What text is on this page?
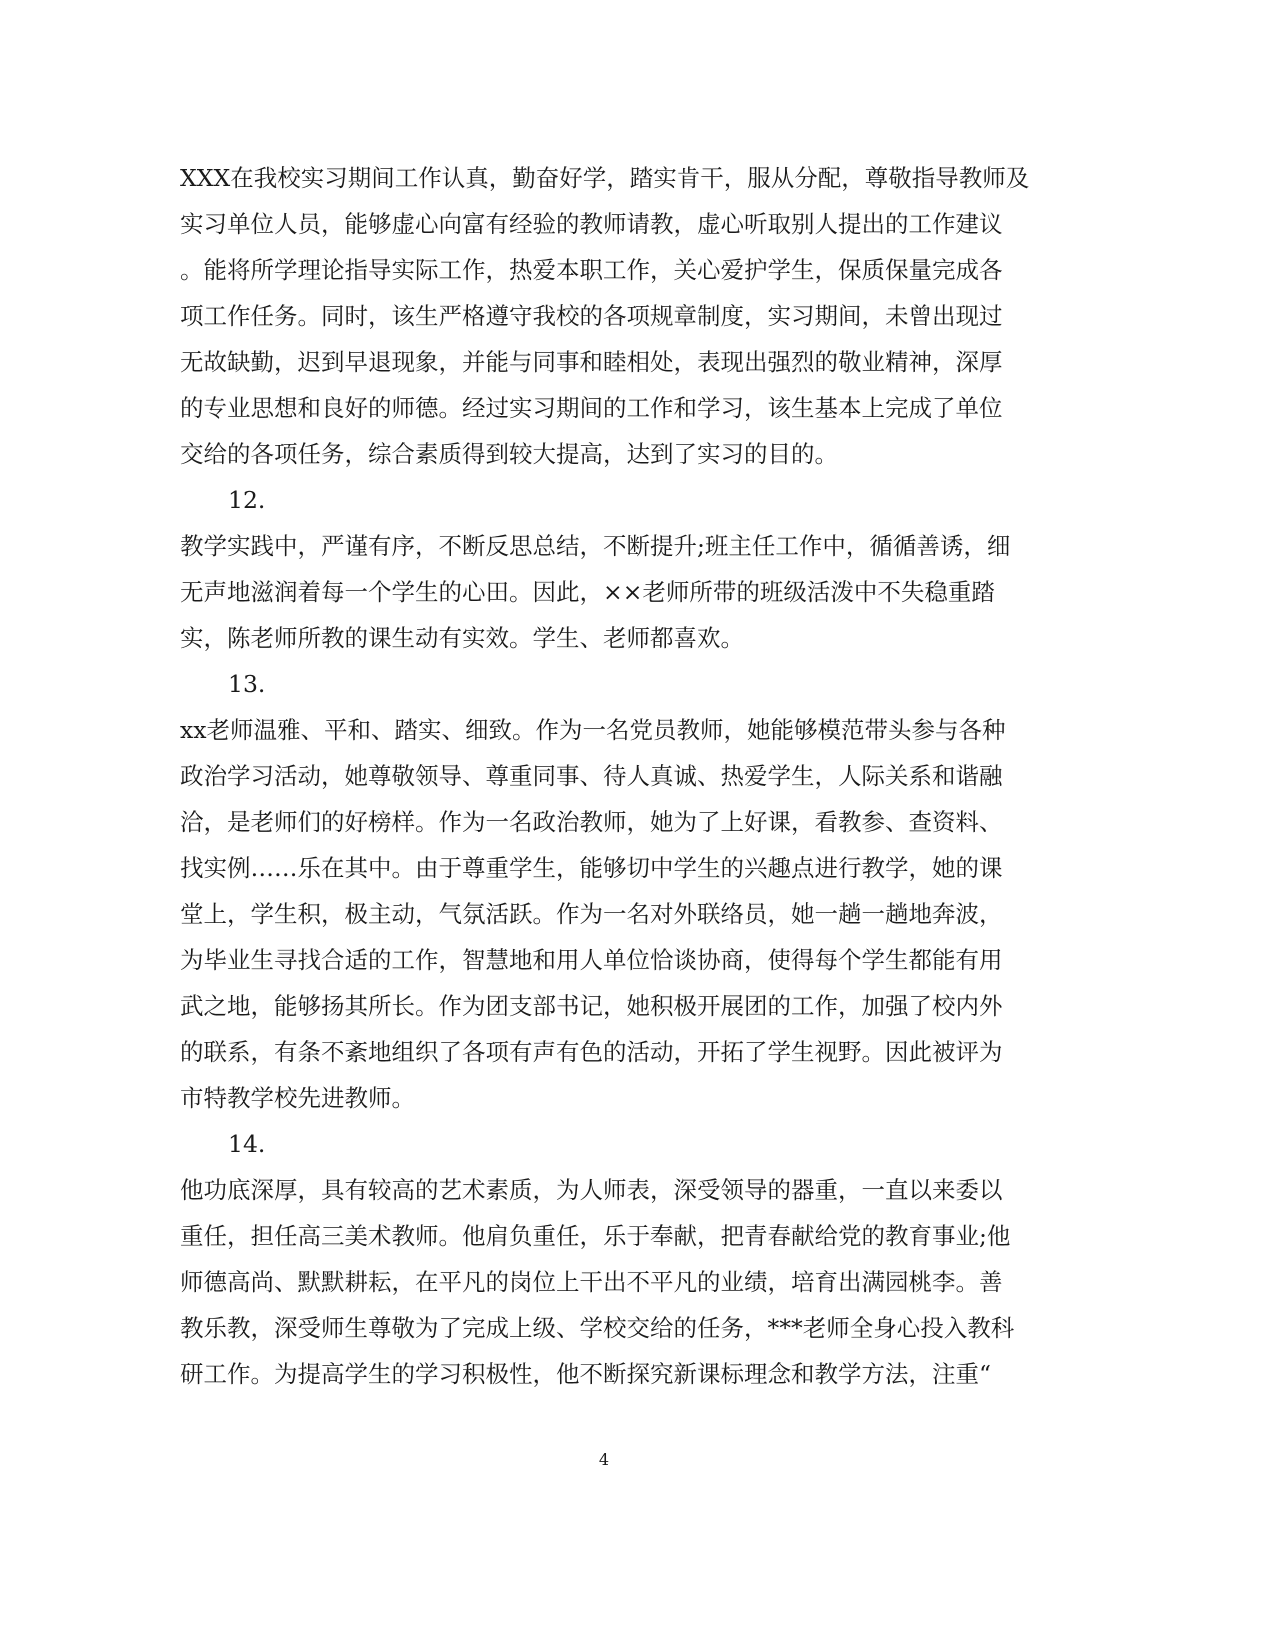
XXX在我校实习期间工作认真，勤奋好学，踏实肯干，服从分配，尊敬指导教师及
实习单位人员，能够虚心向富有经验的教师请教，虚心听取别人提出的工作建议
。能将所学理论指导实际工作，热爱本职工作，关心爱护学生，保质保量完成各
项工作任务。同时，该生严格遵守我校的各项规章制度，实习期间，未曾出现过
无故缺勤，迟到早退现象，并能与同事和睦相处，表现出强烈的敬业精神，深厚
的专业思想和良好的师德。经过实习期间的工作和学习，该生基本上完成了单位
交给的各项任务，综合素质得到较大提高，达到了实习的目的。
12.
教学实践中，严谨有序，不断反思总结，不断提升;班主任工作中，循循善诱，细
无声地滋润着每一个学生的心田。因此，××老师所带的班级活泼中不失稳重踏
实，陈老师所教的课生动有实效。学生、老师都喜欢。
13.
xx老师温雅、平和、踏实、细致。作为一名党员教师，她能够模范带头参与各种
政治学习活动，她尊敬领导、尊重同事、待人真诚、热爱学生，人际关系和谐融
洽，是老师们的好榜样。作为一名政治教师，她为了上好课，看教参、查资料、
找实例……乐在其中。由于尊重学生，能够切中学生的兴趣点进行教学，她的课
堂上，学生积，极主动，气氛活跃。作为一名对外联络员，她一趟一趟地奔波，
为毕业生寻找合适的工作，智慧地和用人单位恰谈协商，使得每个学生都能有用
武之地，能够扬其所长。作为团支部书记，她积极开展团的工作，加强了校内外
的联系，有条不紊地组织了各项有声有色的活动，开拓了学生视野。因此被评为
市特教学校先进教师。
14.
他功底深厚，具有较高的艺术素质，为人师表，深受领导的器重，一直以来委以
重任，担任高三美术教师。他肩负重任，乐于奉献，把青春献给党的教育事业;他
师德高尚、默默耕耘，在平凡的岗位上干出不平凡的业绩，培育出满园桃李。善
教乐教，深受师生尊敬为了完成上级、学校交给的任务，***老师全身心投入教科
研工作。为提高学生的学习积极性，他不断探究新课标理念和教学方法，注重“
4
